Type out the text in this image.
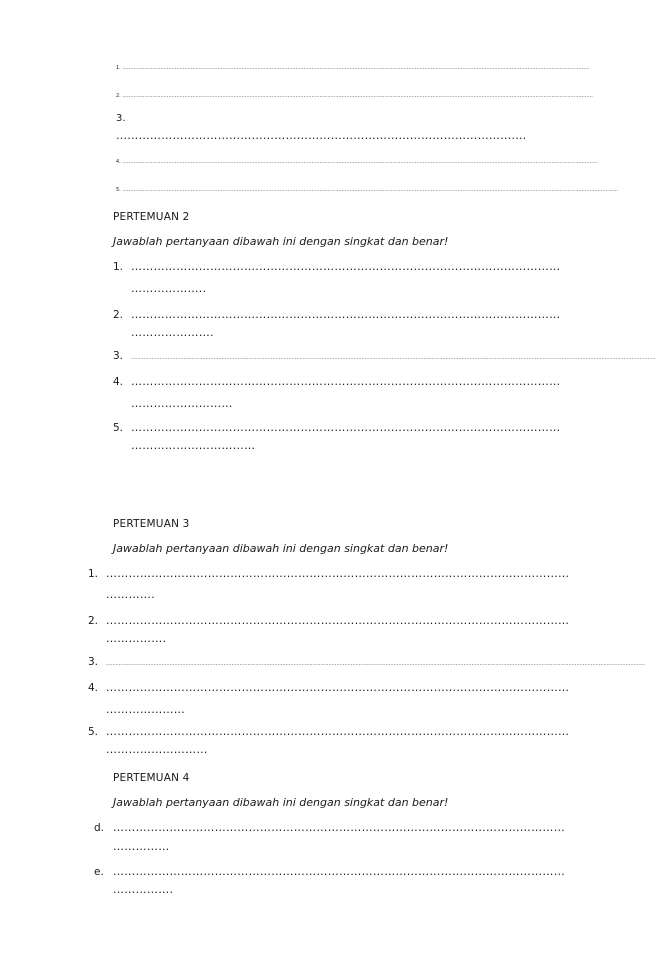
1. ......................................................................................................................................................................................................................................................................................................
2. ........................................................................................................................................................................................................................................................................................................
3.
…………………………………………………………………………………………….…
4. ...........................................................................................................................................................................................................................................................................................................
5. ........................................................................................................................................................................................................................................................................................................................
PERTEMUAN 2
Jawablah pertanyaan dibawah ini dengan singkat dan benar!
1. ……………………………………………………………………………………………………
………………..
2. ……………………………………………………………………………………………………
………………….
3. ..........................................................................................................................................................................................................................................................................................................................................
4. ……………………………………………………………………………………………………
………………………
5. ……………………………………………………………………………………………………
……………………………
PERTEMUAN 3
Jawablah pertanyaan dibawah ini dengan singkat dan benar!
1. ……………………………………………………………………………………………………………
………….
2. ……………………………………………………………………………………………………………
…………….
3. ...................................................................................................................................................................................................................................................................................................................................................
4. ……………………………………………………………………………………………………………
…………………
5. ……………………………………………………………………………………………………………
………………………
PERTEMUAN 4
Jawablah pertanyaan dibawah ini dengan singkat dan benar!
d. …………………………………………………………………………………………………………
……………
e. …………………………………………………………………………………………………………
…………….
